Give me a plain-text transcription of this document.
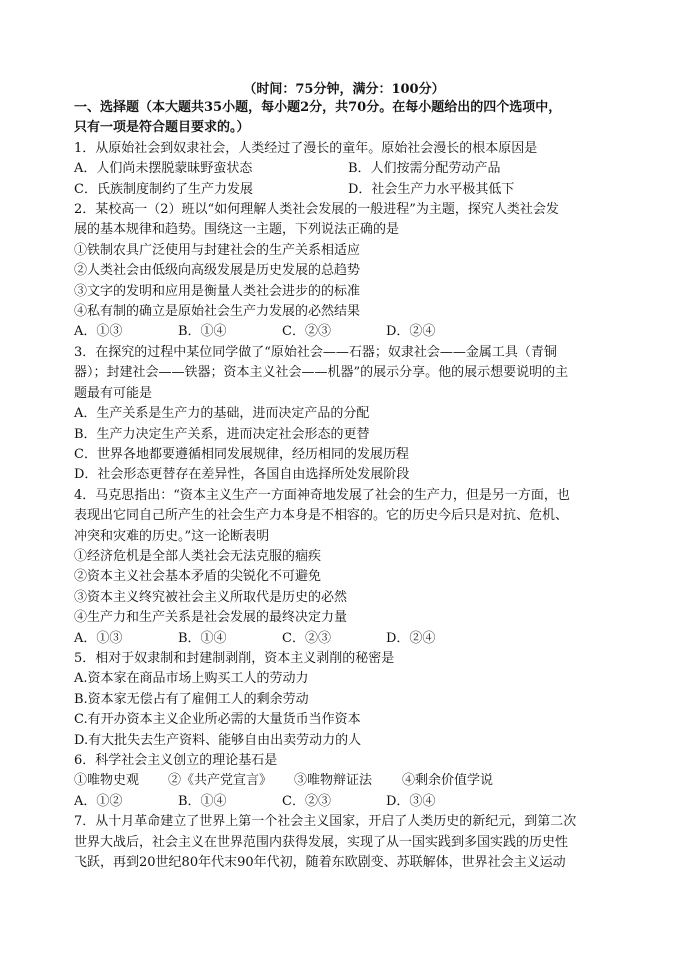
（时间：75分钟，满分：100分）
一、选择题（本大题共35小题，每小题2分，共70分。在每小题给出的四个选项中，
只有一项是符合题目要求的。）
1．从原始社会到奴隶社会，人类经过了漫长的童年。原始社会漫长的根本原因是
A．人们尚未摆脱蒙昧野蛮状态	B．人们按需分配劳动产品
C．氏族制度制约了生产力发展	D．社会生产力水平极其低下
2．某校高一（2）班以“如何理解人类社会发展的一般进程”为主题，探究人类社会发
展的基本规律和趋势。围绕这一主题，下列说法正确的是
①铁制农具广泛使用与封建社会的生产关系相适应
②人类社会由低级向高级发展是历史发展的总趋势
③文字的发明和应用是衡量人类社会进步的的标准
④私有制的确立是原始社会生产力发展的必然结果
A．①③	B．①④	C．②③	D．②④
3．在探究的过程中某位同学做了“原始社会——石器；奴隶社会——金属工具（青铜
器）；封建社会——铁器；资本主义社会——机器”的展示分享。他的展示想要说明的主
题最有可能是
A．生产关系是生产力的基础，进而决定产品的分配
B．生产力决定生产关系，进而决定社会形态的更替
C．世界各地都要遵循相同发展规律，经历相同的发展历程
D．社会形态更替存在差异性，各国自由选择所处发展阶段
4．马克思指出：“资本主义生产一方面神奇地发展了社会的生产力，但是另一方面，也
表现出它同自己所产生的社会生产力本身是不相容的。它的历史今后只是对抗、危机、
冲突和灾难的历史。”这一论断表明
①经济危机是全部人类社会无法克服的痼疾
②资本主义社会基本矛盾的尖锐化不可避免
③资本主义终究被社会主义所取代是历史的必然
④生产力和生产关系是社会发展的最终决定力量
A．①③	B．①④	C．②③	D．②④
5．相对于奴隶制和封建制剥削，资本主义剥削的秘密是
A.资本家在商品市场上购买工人的劳动力
B.资本家无偿占有了雇佣工人的剩余劳动
C.有开办资本主义企业所必需的大量货币当作资本
D.有大批失去生产资料、能够自由出卖劳动力的人
6．科学社会主义创立的理论基石是
①唯物史观	②《共产党宣言》	③唯物辩证法	④剩余价值学说
A．①②	B．①④	C．②③	D．③④
7．从十月革命建立了世界上第一个社会主义国家，开启了人类历史的新纪元，到第二次
世界大战后，社会主义在世界范围内获得发展，实现了从一国实践到多国实践的历史性
飞跃，再到20世纪80年代末90年代初，随着东欧剧变、苏联解体，世界社会主义运动
